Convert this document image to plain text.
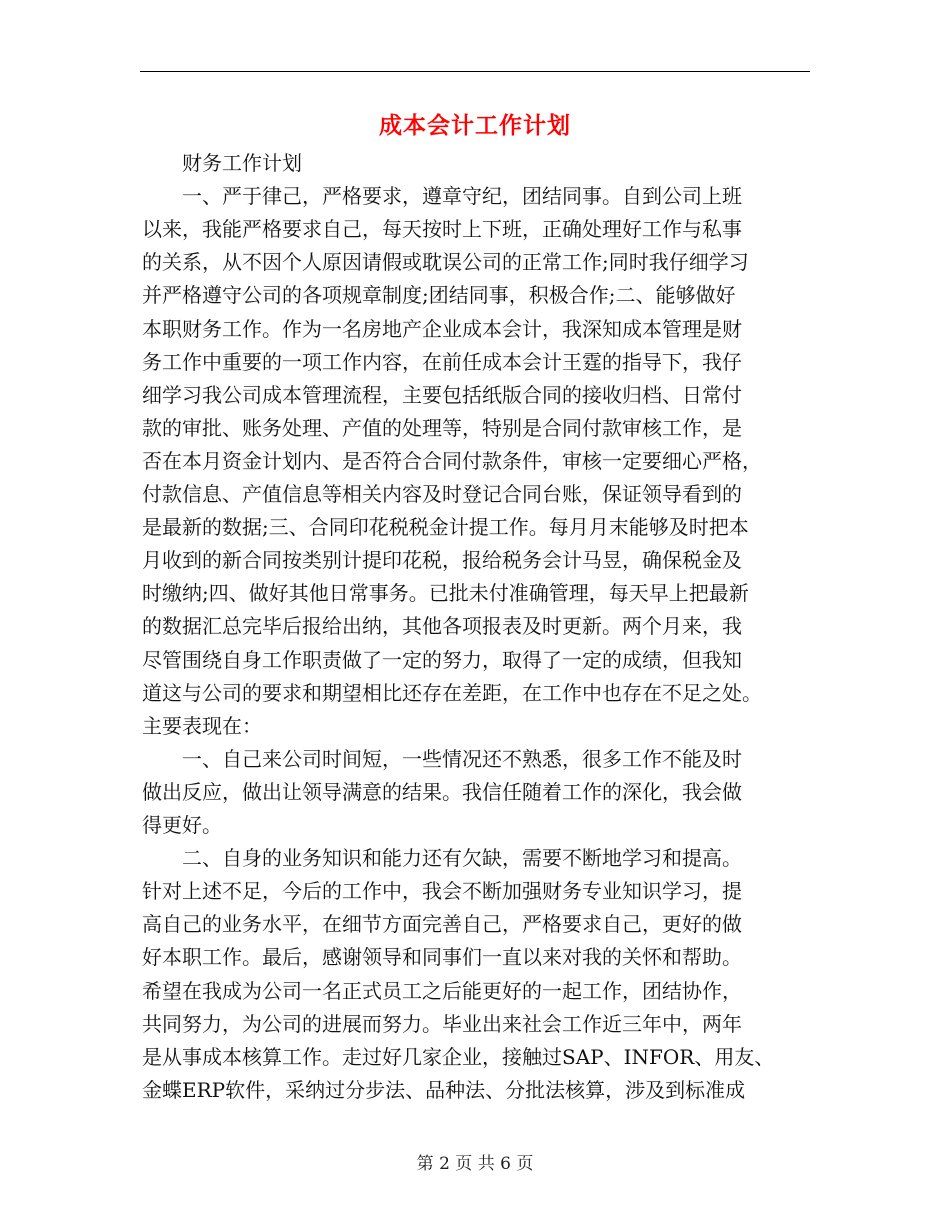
成本会计工作计划
　　财务工作计划
　　一、严于律己，严格要求，遵章守纪，团结同事。自到公司上班
以来，我能严格要求自己，每天按时上下班，正确处理好工作与私事
的关系，从不因个人原因请假或耽误公司的正常工作;同时我仔细学习
并严格遵守公司的各项规章制度;团结同事，积极合作;二、能够做好
本职财务工作。作为一名房地产企业成本会计，我深知成本管理是财
务工作中重要的一项工作内容，在前任成本会计王霆的指导下，我仔
细学习我公司成本管理流程，主要包括纸版合同的接收归档、日常付
款的审批、账务处理、产值的处理等，特别是合同付款审核工作，是
否在本月资金计划内、是否符合合同付款条件，审核一定要细心严格，
付款信息、产值信息等相关内容及时登记合同台账，保证领导看到的
是最新的数据;三、合同印花税税金计提工作。每月月末能够及时把本
月收到的新合同按类别计提印花税，报给税务会计马昱，确保税金及
时缴纳;四、做好其他日常事务。已批未付准确管理，每天早上把最新
的数据汇总完毕后报给出纳，其他各项报表及时更新。两个月来，我
尽管围绕自身工作职责做了一定的努力，取得了一定的成绩，但我知
道这与公司的要求和期望相比还存在差距，在工作中也存在不足之处。
主要表现在：
　　一、自己来公司时间短，一些情况还不熟悉，很多工作不能及时
做出反应，做出让领导满意的结果。我信任随着工作的深化，我会做
得更好。
　　二、自身的业务知识和能力还有欠缺，需要不断地学习和提高。
针对上述不足，今后的工作中，我会不断加强财务专业知识学习，提
高自己的业务水平，在细节方面完善自己，严格要求自己，更好的做
好本职工作。最后，感谢领导和同事们一直以来对我的关怀和帮助。
希望在我成为公司一名正式员工之后能更好的一起工作，团结协作，
共同努力，为公司的进展而努力。毕业出来社会工作近三年中，两年
是从事成本核算工作。走过好几家企业，接触过SAP、INFOR、用友、
金蝶ERP软件，采纳过分步法、品种法、分批法核算，涉及到标准成
第 2 页 共 6 页
